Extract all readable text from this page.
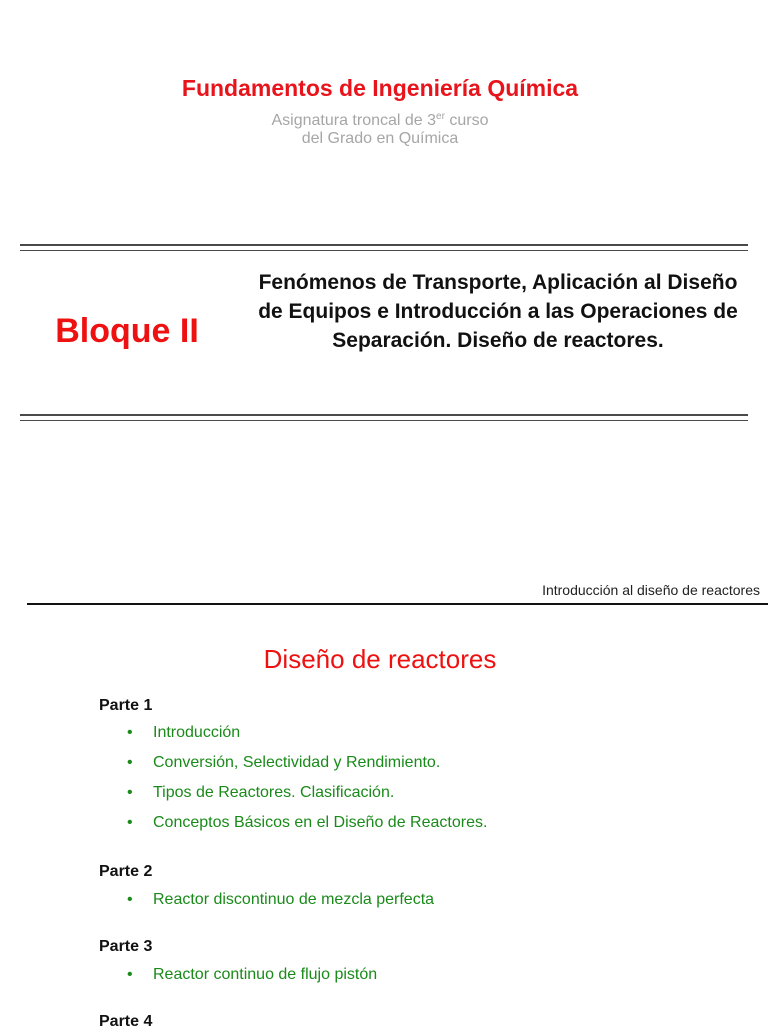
Fundamentos de Ingeniería Química
Asignatura troncal de 3er curso
del Grado en Química
Bloque II
Fenómenos de Transporte, Aplicación al Diseño de Equipos e Introducción a las Operaciones de Separación. Diseño de reactores.
Introducción al diseño de reactores
Diseño de reactores
Parte 1
• Introducción
• Conversión, Selectividad y Rendimiento.
• Tipos de Reactores. Clasificación.
• Conceptos Básicos en el Diseño de Reactores.
Parte 2
• Reactor discontinuo de mezcla perfecta
Parte 3
• Reactor continuo de flujo pistón
Parte 4
